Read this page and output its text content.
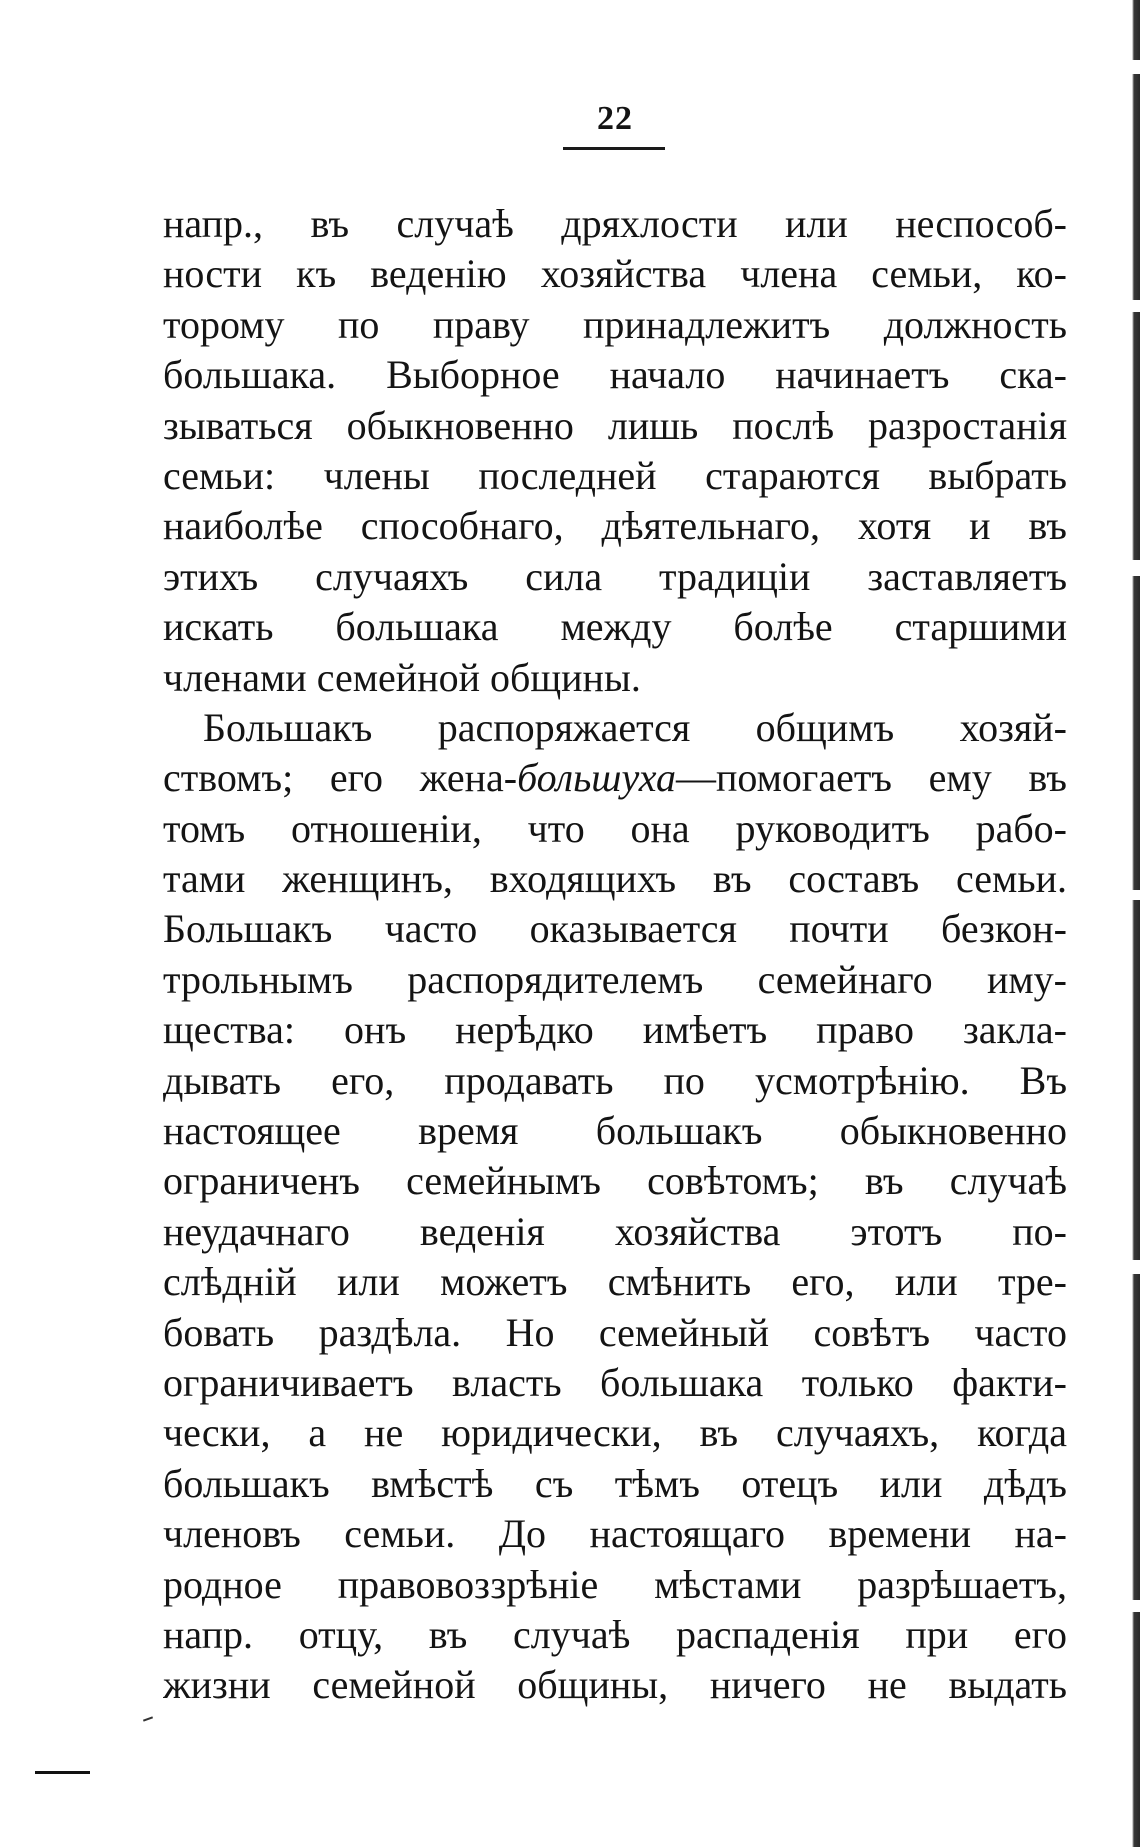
22
напр., въ случаѣ дряхлости или неспособ-
ности къ веденiю хозяйства члена семьи, ко-
торому по праву принадлежитъ должность
большака. Выборное начало начинаетъ ска-
зываться обыкновенно лишь послѣ разростанiя
семьи: члены последней стараются выбрать
наиболѣе способнаго, дѣятельнаго, хотя и въ
этихъ случаяхъ сила традицiи заставляетъ
искать большака между болѣе старшими
членами семейной общины.
Большакъ распоряжается общимъ хозяй-
ствомъ; его жена-большуха—помогаетъ ему въ
томъ отношенiи, что она руководитъ рабо-
тами женщинъ, входящихъ въ составъ семьи.
Большакъ часто оказывается почти безкон-
трольнымъ распорядителемъ семейнаго иму-
щества: онъ нерѣдко имѣетъ право закла-
дывать его, продавать по усмотрѣнiю. Въ
настоящее время большакъ обыкновенно
ограниченъ семейнымъ совѣтомъ; въ случаѣ
неудачнаго веденiя хозяйства этотъ по-
слѣднiй или можетъ смѣнить его, или тре-
бовать раздѣла. Но семейный совѣтъ часто
ограничиваетъ власть большака только факти-
чески, а не юридически, въ случаяхъ, когда
большакъ вмѣстѣ съ тѣмъ отецъ или дѣдъ
членовъ семьи. До настоящаго времени на-
родное правовоззрѣнiе мѣстами разрѣшаетъ,
напр. отцу, въ случаѣ распаденiя при его
жизни семейной общины, ничего не выдать
